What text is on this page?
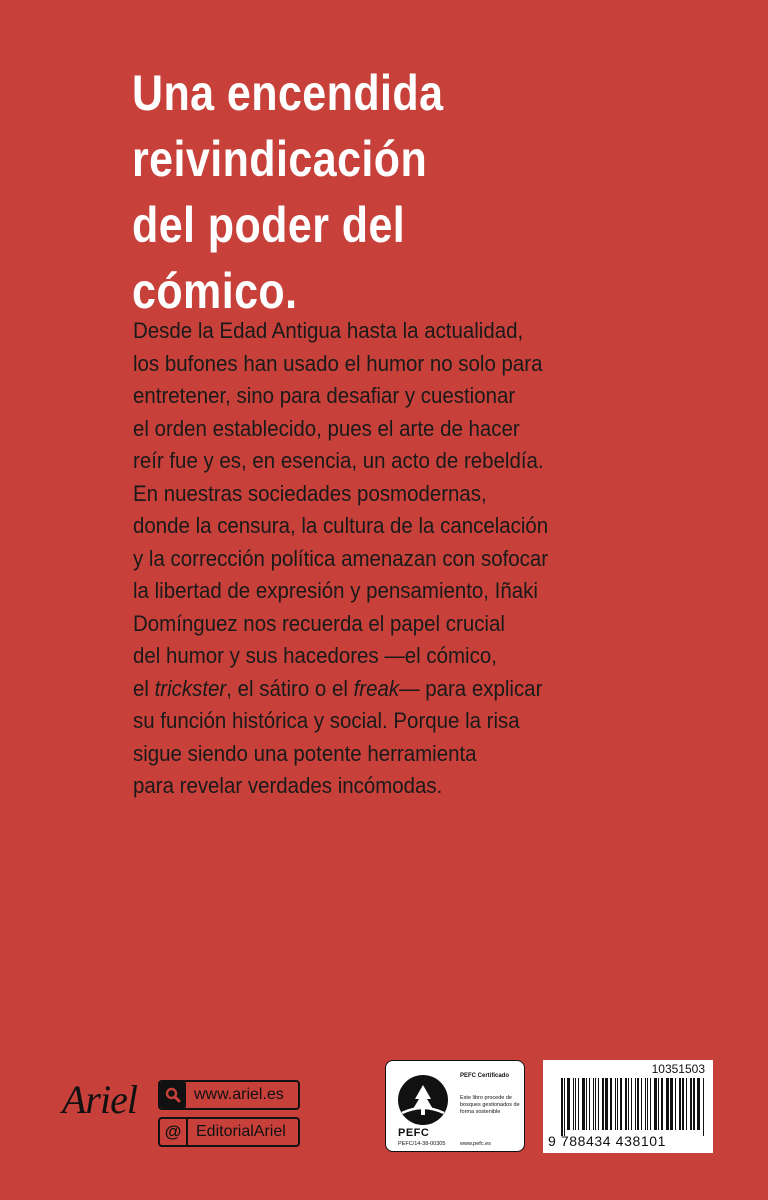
Una encendida
reivindicación
del poder del
cómico.
Desde la Edad Antigua hasta la actualidad,
los bufones han usado el humor no solo para
entretener, sino para desafiar y cuestionar
el orden establecido, pues el arte de hacer
reír fue y es, en esencia, un acto de rebeldía.
En nuestras sociedades posmodernas,
donde la censura, la cultura de la cancelación
y la corrección política amenazan con sofocar
la libertad de expresión y pensamiento, Iñaki
Domínguez nos recuerda el papel crucial
del humor y sus hacedores —el cómico,
el trickster, el sátiro o el freak— para explicar
su función histórica y social. Porque la risa
sigue siendo una potente herramienta
para revelar verdades incómodas.
Ariel	www.ariel.es
@ EditorialAriel	PEFC
PEFC/14-38-00305
PEFC Certificado
Este libro procede de bosques gestionados de forma sostenible
www.pefc.es
10351503
9 788434 438101
